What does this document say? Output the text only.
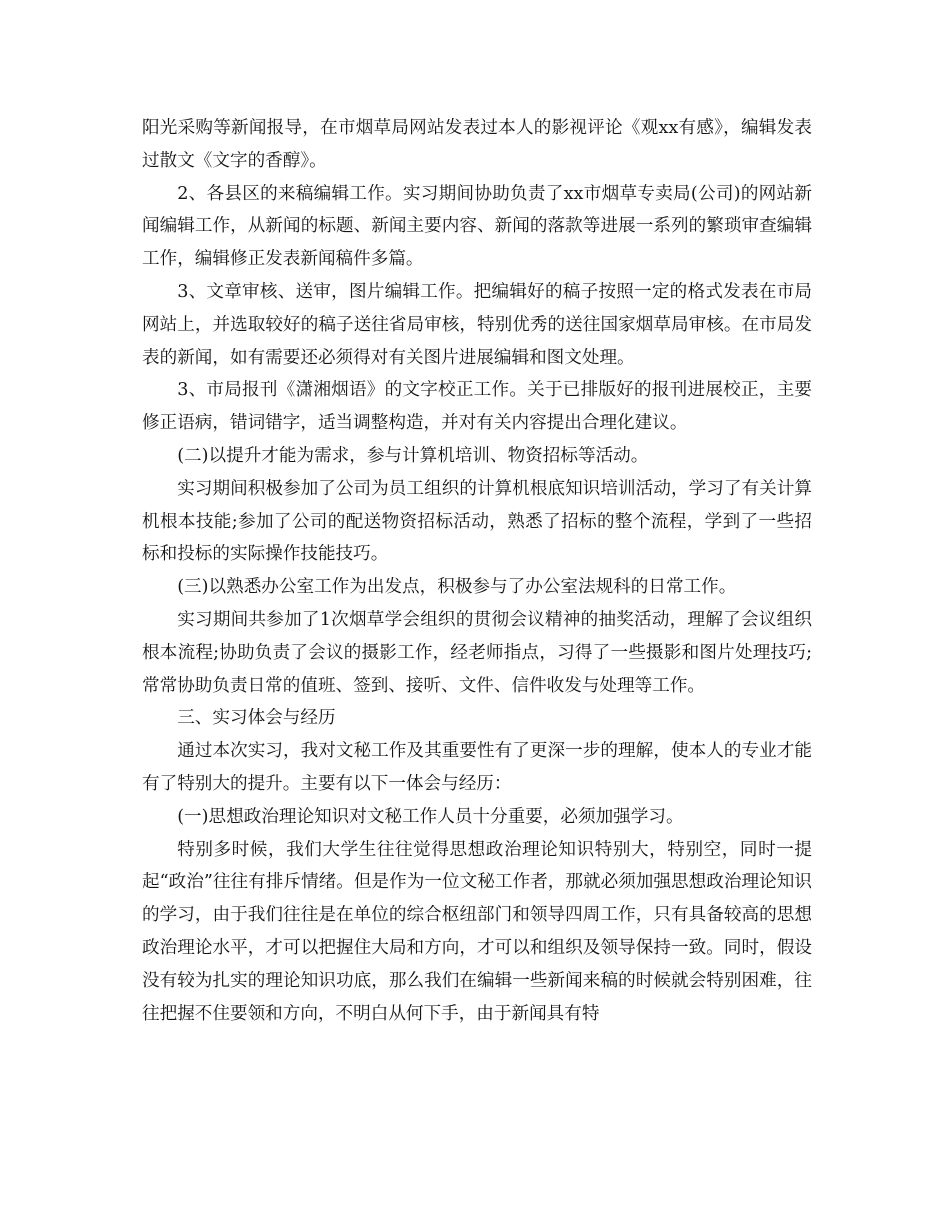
阳光采购等新闻报导，在市烟草局网站发表过本人的影视评论《观xx有感》，编辑发表过散文《文字的香醇》。

2、各县区的来稿编辑工作。实习期间协助负责了xx市烟草专卖局(公司)的网站新闻编辑工作，从新闻的标题、新闻主要内容、新闻的落款等进展一系列的繁琐审查编辑工作，编辑修正发表新闻稿件多篇。

3、文章审核、送审，图片编辑工作。把编辑好的稿子按照一定的格式发表在市局网站上，并选取较好的稿子送往省局审核，特别优秀的送往国家烟草局审核。在市局发表的新闻，如有需要还必须得对有关图片进展编辑和图文处理。

3、市局报刊《潇湘烟语》的文字校正工作。关于已排版好的报刊进展校正，主要修正语病，错词错字，适当调整构造，并对有关内容提出合理化建议。

(二)以提升才能为需求，参与计算机培训、物资招标等活动。

实习期间积极参加了公司为员工组织的计算机根底知识培训活动，学习了有关计算机根本技能;参加了公司的配送物资招标活动，熟悉了招标的整个流程，学到了一些招标和投标的实际操作技能技巧。

(三)以熟悉办公室工作为出发点，积极参与了办公室法规科的日常工作。

实习期间共参加了1次烟草学会组织的贯彻会议精神的抽奖活动，理解了会议组织根本流程;协助负责了会议的摄影工作，经老师指点，习得了一些摄影和图片处理技巧;常常协助负责日常的值班、签到、接听、文件、信件收发与处理等工作。

三、实习体会与经历

通过本次实习，我对文秘工作及其重要性有了更深一步的理解，使本人的专业才能有了特别大的提升。主要有以下一体会与经历：

(一)思想政治理论知识对文秘工作人员十分重要，必须加强学习。

特别多时候，我们大学生往往觉得思想政治理论知识特别大，特别空，同时一提起“政治”往往有排斥情绪。但是作为一位文秘工作者，那就必须加强思想政治理论知识的学习，由于我们往往是在单位的综合枢纽部门和领导四周工作，只有具备较高的思想政治理论水平，才可以把握住大局和方向，才可以和组织及领导保持一致。同时，假设没有较为扎实的理论知识功底，那么我们在编辑一些新闻来稿的时候就会特别困难，往往把握不住要领和方向，不明白从何下手，由于新闻具有特
